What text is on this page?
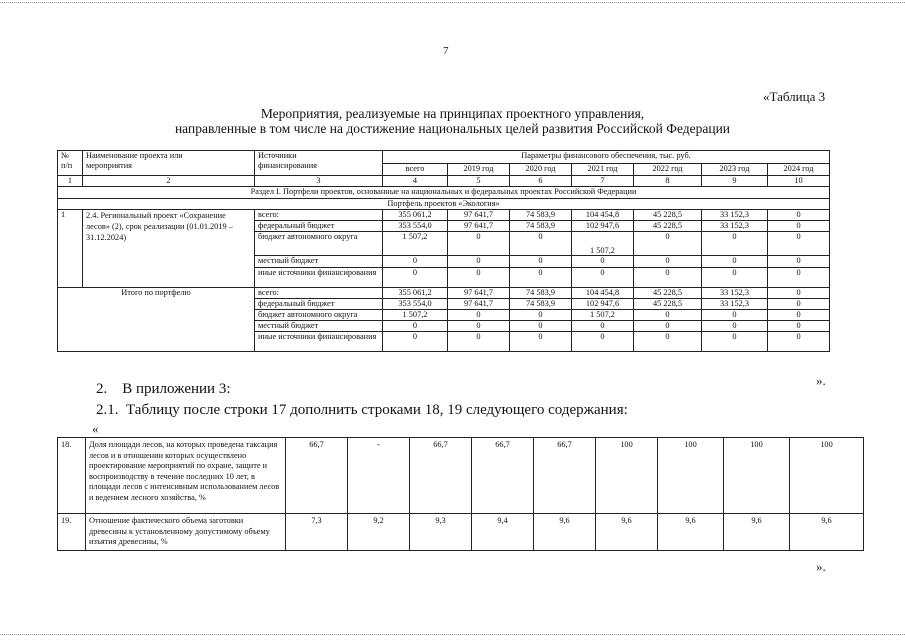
7
«Таблица 3
Мероприятия, реализуемые на принципах проектного управления,
направленные в том числе на достижение национальных целей развития Российской Федерации
№
п/п	Наименование проекта или
мероприятия	Источники
финансирования	Параметры финансового обеспечения, тыс. руб.						
			всего	2019 год	2020 год	2021 год	2022 год	2023 год	2024 год
1	2	3	4	5	6	7	8	9	10
Раздел I. Портфели проектов, основанные на национальных и федеральных проектах Российской Федерации									
Портфель проектов «Экология»									
1	2.4. Региональный проект «Сохранение лесов» (2), срок реализации (01.01.2019 – 31.12.2024)	всего:	355 061,2	97 641,7	74 583,9	104 454,8	45 228,5	33 152,3	0
		федеральный бюджет	353 554,0	97 641,7	74 583,9	102 947,6	45 228,5	33 152,3	0
		бюджет автономного округа	1 507,2	0	0	1 507,2	0	0	0
		местный бюджет	0	0	0	0	0	0	0
		иные источники финансирования	0	0	0	0	0	0	0
Итого по портфелю		всего:	355 061,2	97 641,7	74 583,9	104 454,8	45 228,5	33 152,3	0
		федеральный бюджет	353 554,0	97 641,7	74 583,9	102 947,6	45 228,5	33 152,3	0
		бюджет автономного округа	1 507,2	0	0	1 507,2	0	0	0
		местный бюджет	0	0	0	0	0	0	0
		иные источники финансирования	0	0	0	0	0	0	0
».
2.    В приложении 3:
2.1.  Таблицу после строки 17 дополнить строками 18, 19 следующего содержания:
«
18.	Доля площади лесов, на которых проведена таксация лесов и в отношении которых осуществлено проектирование мероприятий по охране, защите и воспроизводству в течение последних 10 лет, в площади лесов с интенсивным использованием лесов и ведением лесного хозяйства, %	66,7	-	66,7	66,7	66,7	100	100	100	100
19.	Отношение фактического объема заготовки древесины к установленному допустимому объему изъятия древесины, %	7,3	9,2	9,3	9,4	9,6	9,6	9,6	9,6	9,6
».
